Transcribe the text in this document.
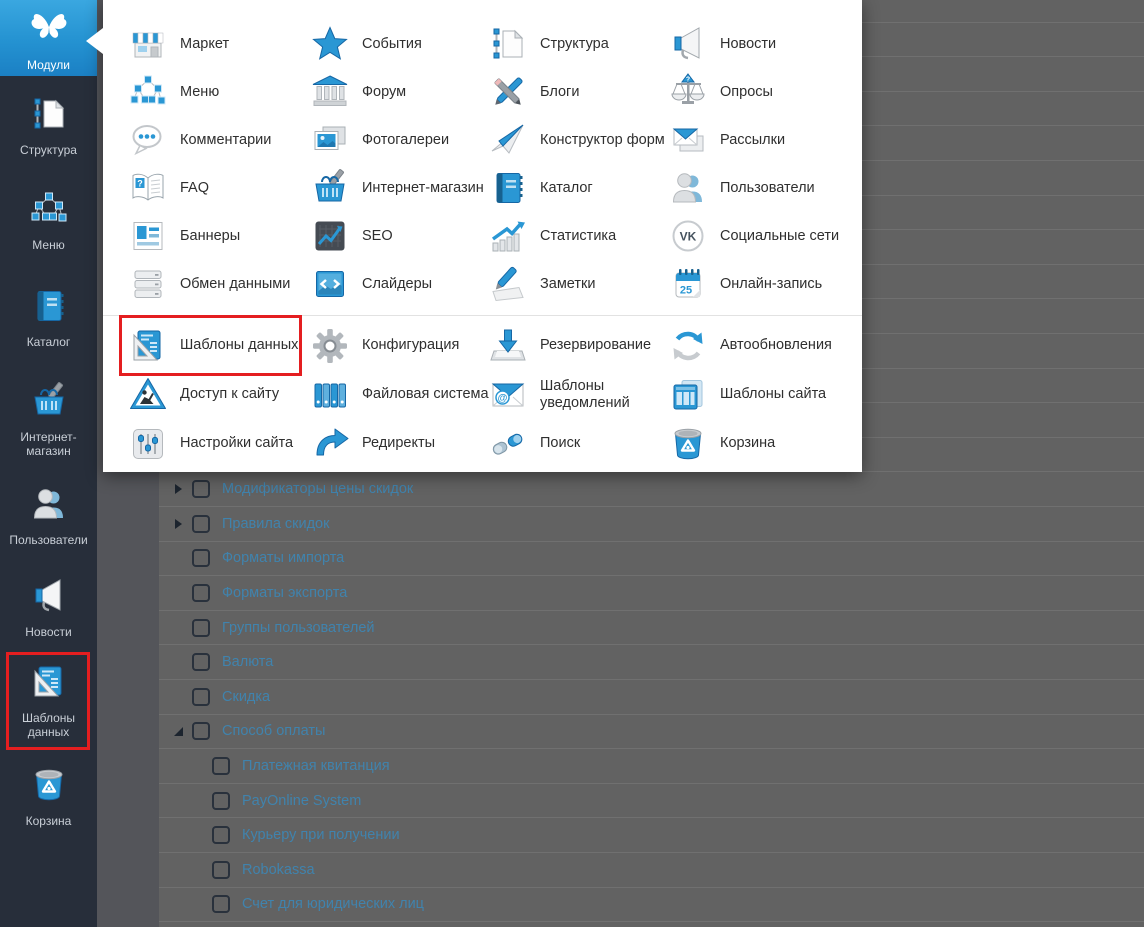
Модификаторы цены скидок
Правила скидок
Форматы импорта
Форматы экспорта
Группы пользователей
Валюта
Скидка
Способ оплаты
Платежная квитанция
PayOnline System
Курьеру при получении
Robokassa
Счет для юридических лиц
Модули
Структура
Меню
Каталог
Интернет-магазин
Пользователи
Новости
Шаблоны данных
Корзина
Маркет	События	Структура	Новости
Меню	Форум	Блоги
?
Опросы
Комментарии	Фотогалереи	Конструктор форм	Рассылки
?	FAQ	Интернет-магазин	Каталог	Пользователи
Баннеры	SEO	Статистика	VK Социальные сети
Обмен данными	Слайдеры	Заметки	25 Онлайн-запись
Шаблоны данных	Конфигурация	Резервирование	Автообновления
Доступ к сайту	Файловая система @
Шаблоны уведомлений
Шаблоны сайта
Настройки сайта	Редиректы	Поиск	Корзина
